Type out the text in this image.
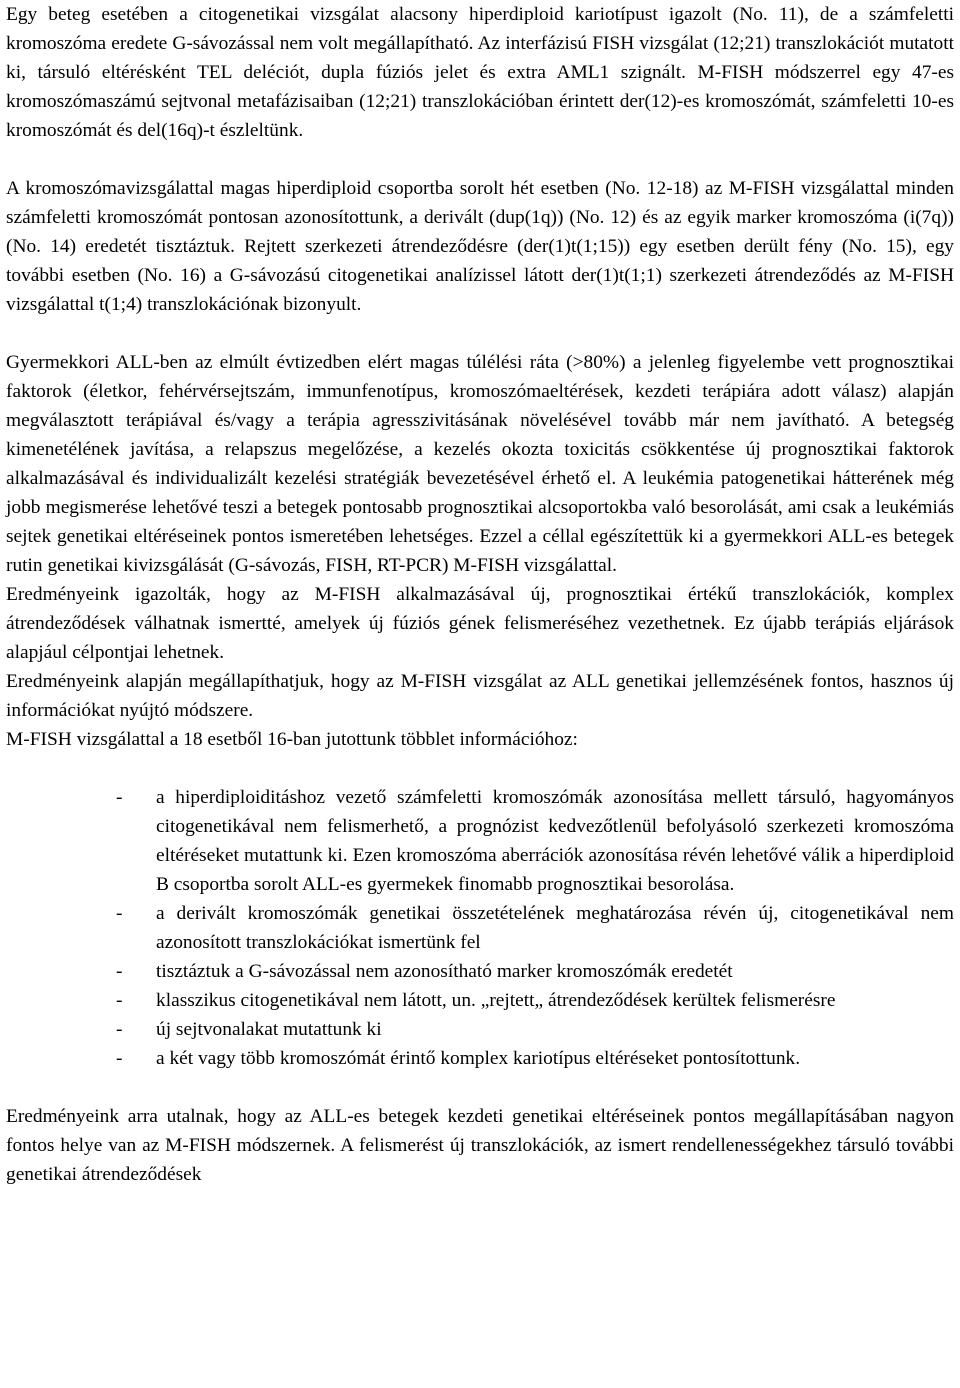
Egy beteg esetében a citogenetikai vizsgálat alacsony hiperdiploid kariotípust igazolt (No. 11), de a számfeletti kromoszóma eredete G-sávozással nem volt megállapítható. Az interfázisú FISH vizsgálat (12;21) transzlokációt mutatott ki, társuló eltérésként TEL deléciót, dupla fúziós jelet és extra AML1 szignált. M-FISH módszerrel egy 47-es kromoszómaszámú sejtvonal metafázisaiban (12;21) transzlokációban érintett der(12)-es kromoszómát, számfeletti 10-es kromoszómát és del(16q)-t észleltünk.

A kromoszómavizsgálattal magas hiperdiploid csoportba sorolt hét esetben (No. 12-18) az M-FISH vizsgálattal minden számfeletti kromoszómát pontosan azonosítottunk, a derivált (dup(1q)) (No. 12) és az egyik marker kromoszóma (i(7q)) (No. 14) eredetét tisztáztuk. Rejtett szerkezeti átrendeződésre (der(1)t(1;15)) egy esetben derült fény (No. 15), egy további esetben (No. 16) a G-sávozású citogenetikai analízissel látott der(1)t(1;1) szerkezeti átrendeződés az M-FISH vizsgálattal t(1;4) transzlokációnak bizonyult.

Gyermekkori ALL-ben az elmúlt évtizedben elért magas túlélési ráta (>80%) a jelenleg figyelembe vett prognosztikai faktorok (életkor, fehérvérsejtszám, immunfenotípus, kromoszómaeltérések, kezdeti terápiára adott válasz) alapján megválasztott terápiával és/vagy a terápia agresszivitásának növelésével tovább már nem javítható. A betegség kimenetélének javítása, a relapszus megelőzése, a kezelés okozta toxicitás csökkentése új prognosztikai faktorok alkalmazásával és individualizált kezelési stratégiák bevezetésével érhető el. A leukémia patogenetikai hátterének még jobb megismerése lehetővé teszi a betegek pontosabb prognosztikai alcsoportokba való besorolását, ami csak a leukémiás sejtek genetikai eltéréseinek pontos ismeretében lehetséges. Ezzel a céllal egészítettük ki a gyermekkori ALL-es betegek rutin genetikai kivizsgálását (G-sávozás, FISH, RT-PCR) M-FISH vizsgálattal.

Eredményeink igazolták, hogy az M-FISH alkalmazásával új, prognosztikai értékű transzlokációk, komplex átrendeződések válhatnak ismertté, amelyek új fúziós gének felismeréséhez vezethetnek. Ez újabb terápiás eljárások alapjául célpontjai lehetnek.

Eredményeink alapján megállapíthatjuk, hogy az M-FISH vizsgálat az ALL genetikai jellemzésének fontos, hasznos új információkat nyújtó módszere.

M-FISH vizsgálattal a 18 esetből 16-ban jutottunk többlet információhoz:

- a hiperdiploiditáshoz vezető számfeletti kromoszómák azonosítása mellett társuló, hagyományos citogenetikával nem felismerhető, a prognózist kedvezőtlenül befolyásoló szerkezeti kromoszóma eltéréseket mutattunk ki. Ezen kromoszóma aberrációk azonosítása révén lehetővé válik a hiperdiploid B csoportba sorolt ALL-es gyermekek finomabb prognosztikai besorolása.
- a derivált kromoszómák genetikai összetételének meghatározása révén új, citogenetikával nem azonosított transzlokációkat ismertünk fel
- tisztáztuk a G-sávozással nem azonosítható marker kromoszómák eredetét
- klasszikus citogenetikával nem látott, un. „rejtett„ átrendeződések kerültek felismerésre
- új sejtvonalakat mutattunk ki
- a két vagy több kromoszómát érintő komplex kariotípus eltéréseket pontosítottunk.

Eredményeink arra utalnak, hogy az ALL-es betegek kezdeti genetikai eltéréseinek pontos megállapításában nagyon fontos helye van az M-FISH módszernek. A felismerést új transzlokációk, az ismert rendellenességekhez társuló további genetikai átrendeződések
